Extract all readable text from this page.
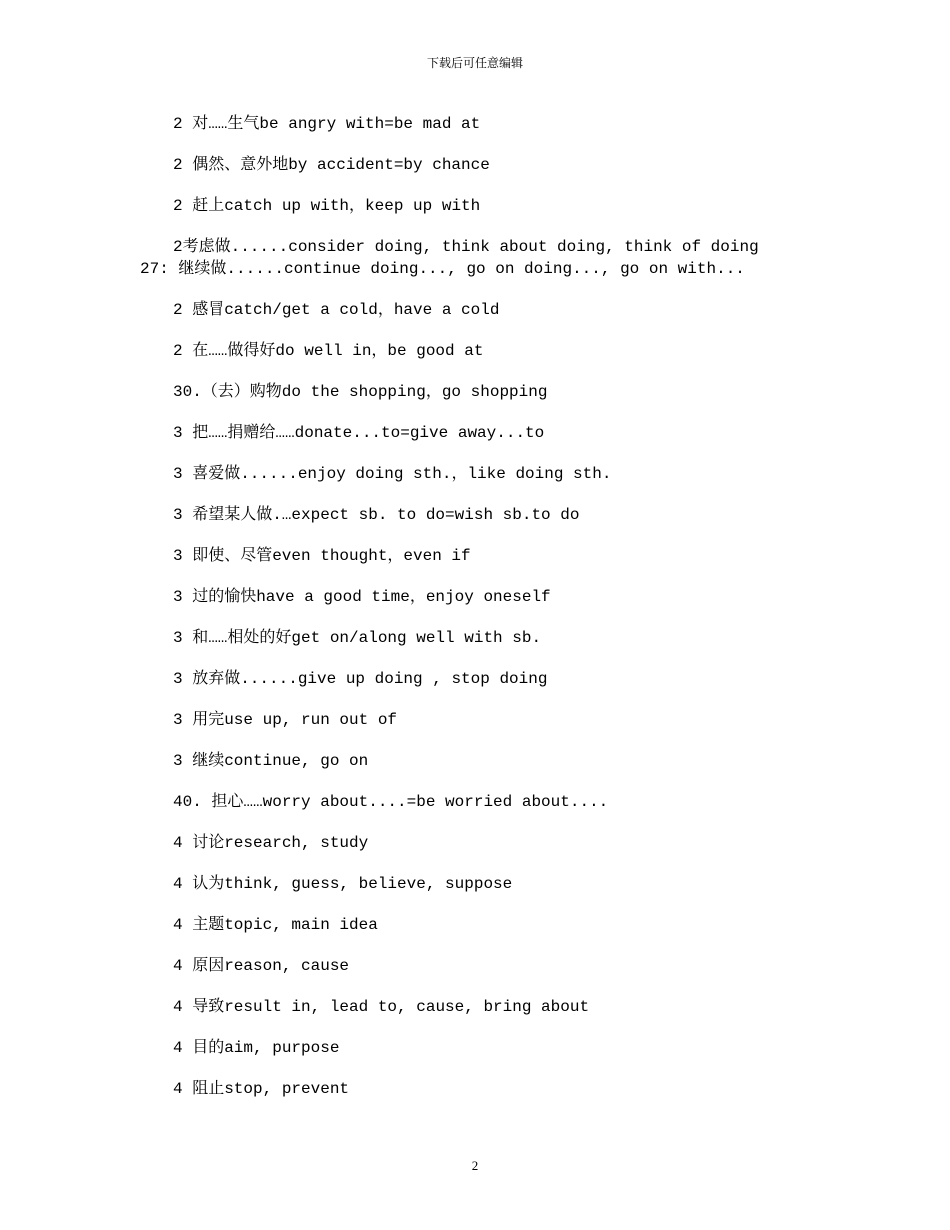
下载后可任意编辑
2 对……生气be angry with=be mad at
2 偶然、意外地by accident=by chance
2 赶上catch up with，keep up with
2考虑做......consider doing, think about doing, think of doing
27: 继续做......continue doing..., go on doing..., go on with...
2 感冒catch/get a cold，have a cold
2 在……做得好do well in，be good at
30.（去）购物do the shopping，go shopping
3 把……捐赠给……donate...to=give away...to
3 喜爱做......enjoy doing sth.，like doing sth.
3 希望某人做.…expect sb. to do=wish sb.to do
3 即使、尽管even thought，even if
3 过的愉快have a good time，enjoy oneself
3 和……相处的好get on/along well with sb.
3 放弃做......give up doing , stop doing
3 用完use up, run out of
3 继续continue, go on
40. 担心……worry about....=be worried about....
4 讨论research, study
4 认为think, guess, believe, suppose
4 主题topic, main idea
4 原因reason, cause
4 导致result in, lead to, cause, bring about
4 目的aim, purpose
4 阻止stop, prevent
2
